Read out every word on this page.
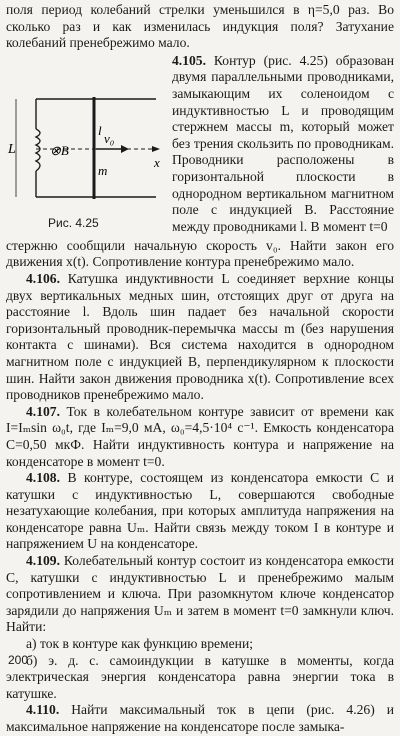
поля период колебаний стрелки уменьшился в η=5,0 раз. Во сколько раз и как изменилась индукция поля? Затухание колебаний пренебрежимо мало.

L	⊗B
l
m
v₀
x
Рис. 4.25

4.105. Контур (рис. 4.25) образован двумя параллельными проводниками, замыкающим их соленоидом с индуктивностью L и проводящим стержнем массы m, который может без трения скользить по проводникам. Проводники расположены в горизонтальной плоскости в однородном вертикальном магнитном поле с индукцией B. Расстояние между проводниками l. В момент t=0

стержню сообщили начальную скорость v₀. Найти закон его движения x(t). Сопротивление контура пренебрежимо мало.

4.106. Катушка индуктивности L соединяет верхние концы двух вертикальных медных шин, отстоящих друг от друга на расстояние l. Вдоль шин падает без начальной скорости горизонтальный проводник-перемычка массы m (без нарушения контакта с шинами). Вся система находится в однородном магнитном поле с индукцией B, перпендикулярном к плоскости шин. Найти закон движения проводника x(t). Сопротивление всех проводников пренебрежимо мало.

4.107. Ток в колебательном контуре зависит от времени как I=Iₘsin ω₀t, где Iₘ=9,0 мА, ω₀=4,5·10⁴ с⁻¹. Емкость конденсатора C=0,50 мкФ. Найти индуктивность контура и напряжение на конденсаторе в момент t=0.

4.108. В контуре, состоящем из конденсатора емкости C и катушки с индуктивностью L, совершаются свободные незатухающие колебания, при которых амплитуда напряжения на конденсаторе равна Uₘ. Найти связь между током I в контуре и напряжением U на конденсаторе.

4.109. Колебательный контур состоит из конденсатора емкости C, катушки с индуктивностью L и пренебрежимо малым сопротивлением и ключа. При разомкнутом ключе конденсатор зарядили до напряжения Uₘ и затем в момент t=0 замкнули ключ. Найти:

а) ток в контуре как функцию времени;

б) э. д. с. самоиндукции в катушке в моменты, когда электрическая энергия конденсатора равна энергии тока в катушке.

4.110. Найти максимальный ток в цепи (рис. 4.26) и максимальное напряжение на конденсаторе после замыка-

200
